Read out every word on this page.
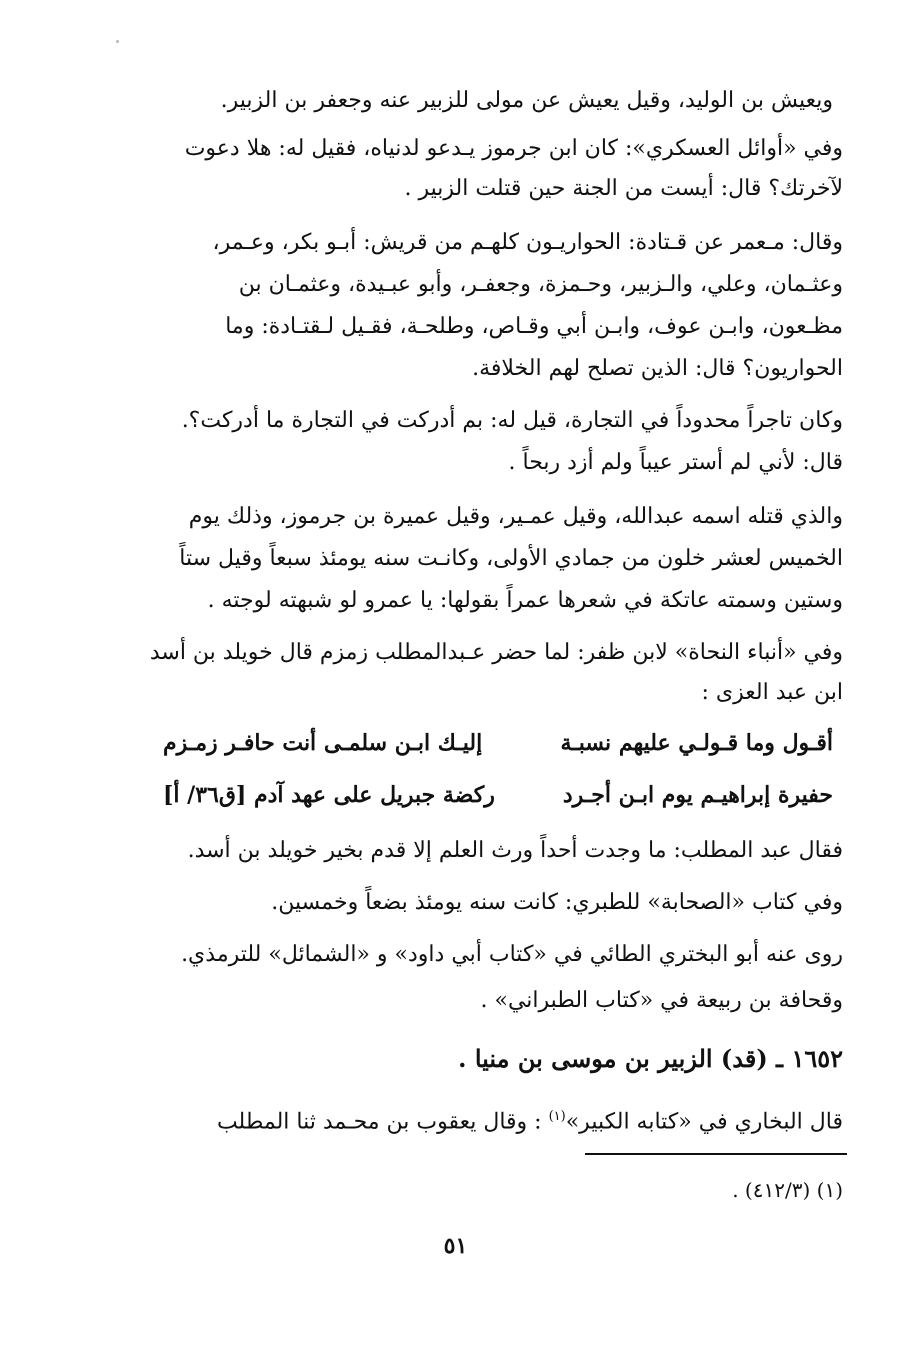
ويعيش بن الوليد، وقيل يعيش عن مولى للزبير عنه وجعفر بن الزبير.
وفي «أوائل العسكري»: كان ابن جرموز يـدعو لدنياه، فقيل له: هلا دعوت
لآخرتك؟ قال: أيست من الجنة حين قتلت الزبير .
وقال: مـعمر عن قـتادة: الحواريـون كلهـم من قريش: أبـو بكر، وعـمر،
وعثـمان، وعلي، والـزبير، وحـمزة، وجعفـر، وأبو عبـيدة، وعثمـان بن
مظـعون، وابـن عوف، وابـن أبي وقـاص، وطلحـة، فقـيل لـقتـادة: وما
الحواريون؟ قال: الذين تصلح لهم الخلافة.
وكان تاجراً محدوداً في التجارة، قيل له: بم أدركت في التجارة ما أدركت؟.
قال: لأني لم أستر عيباً ولم أزد ربحاً .
والذي قتله اسمه عبدالله، وقيل عمـير، وقيل عميرة بن جرموز، وذلك يوم
الخميس لعشر خلون من جمادي الأولى، وكانـت سنه يومئذ سبعاً وقيل ستاً
وستين وسمته عاتكة في شعرها عمراً بقولها: يا عمرو لو شبهته لوجته .
وفي «أنباء النحاة» لابن ظفر: لما حضر عـبدالمطلب زمزم قال خويلد بن أسد
ابن عبد العزى :
أقـول وما قـولـي عليهم نسبـة
إليـك ابـن سلمـى أنت حافـر زمـزم
حفيرة إبراهيـم يوم ابـن أجـرد
ركضة جبريل على عهد آدم [ق٣٦/ أ]
فقال عبد المطلب: ما وجدت أحداً ورث العلم إلا قدم بخير خويلد بن أسد.
وفي كتاب «الصحابة» للطبري: كانت سنه يومئذ بضعاً وخمسين.
روى عنه أبو البختري الطائي في «كتاب أبي داود» و «الشمائل» للترمذي.
وقحافة بن ربيعة في «كتاب الطبراني» .
١٦٥٢ ـ (قد) الزبير بن موسى بن منيا .
قال البخاري في «كتابه الكبير»$^{(١)}$ : وقال يعقوب بن محـمد ثنا المطلب
(١) (٤١٢/٣) .
٥١
